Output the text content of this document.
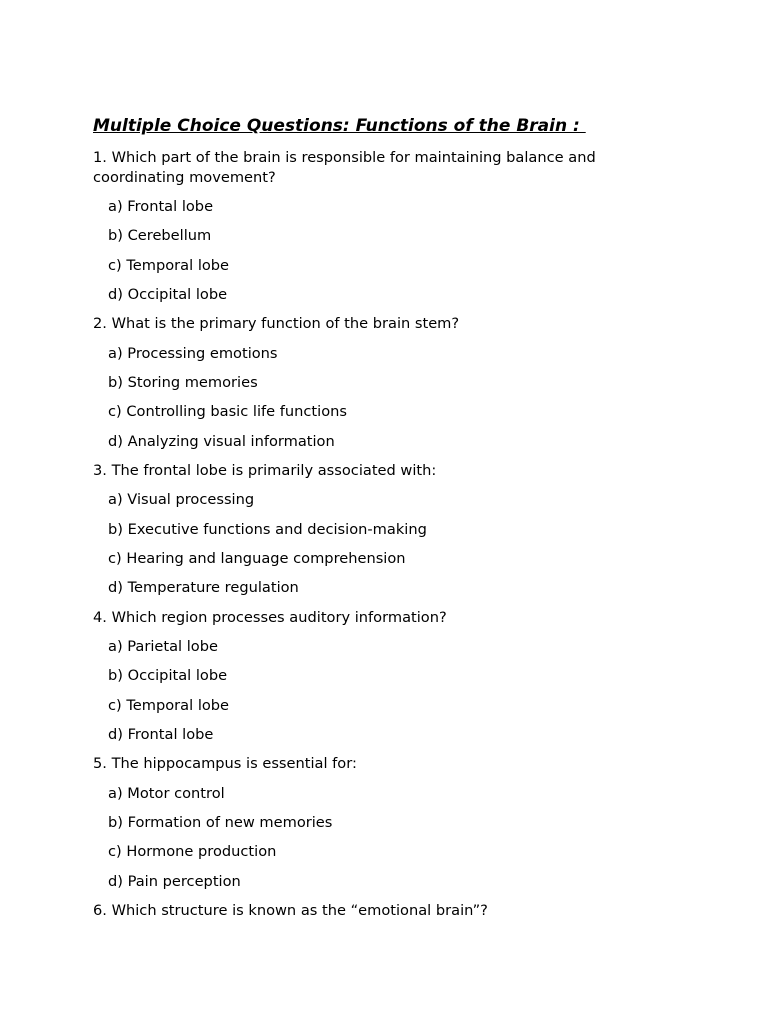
Multiple Choice Questions: Functions of the Brain :
1. Which part of the brain is responsible for maintaining balance and coordinating movement?
a) Frontal lobe
b) Cerebellum
c) Temporal lobe
d) Occipital lobe
2. What is the primary function of the brain stem?
a) Processing emotions
b) Storing memories
c) Controlling basic life functions
d) Analyzing visual information
3. The frontal lobe is primarily associated with:
a) Visual processing
b) Executive functions and decision-making
c) Hearing and language comprehension
d) Temperature regulation
4. Which region processes auditory information?
a) Parietal lobe
b) Occipital lobe
c) Temporal lobe
d) Frontal lobe
5. The hippocampus is essential for:
a) Motor control
b) Formation of new memories
c) Hormone production
d) Pain perception
6. Which structure is known as the “emotional brain”?
